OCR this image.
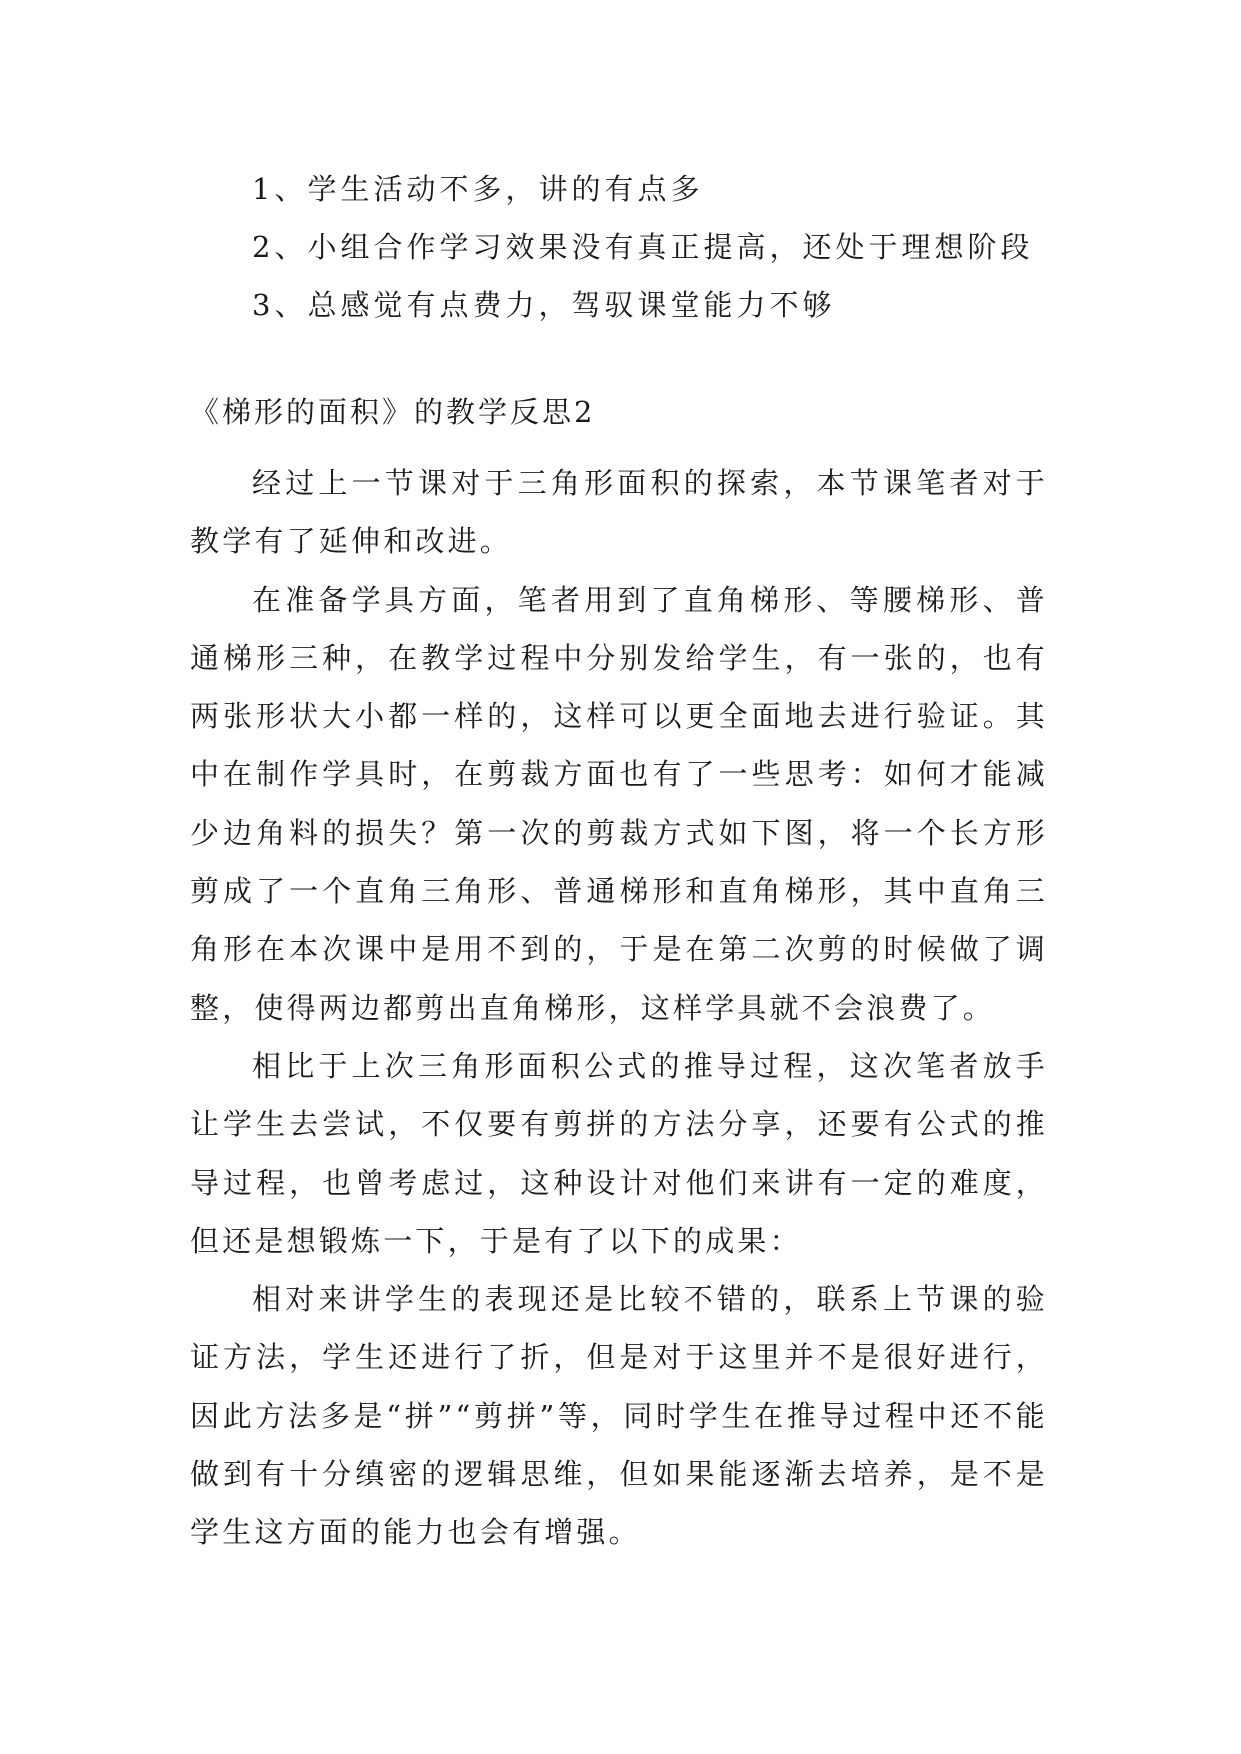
1、学生活动不多，讲的有点多
2、小组合作学习效果没有真正提高，还处于理想阶段
3、总感觉有点费力，驾驭课堂能力不够
《梯形的面积》的教学反思2

经过上一节课对于三角形面积的探索，本节课笔者对于教学有了延伸和改进。

在准备学具方面，笔者用到了直角梯形、等腰梯形、普通梯形三种，在教学过程中分别发给学生，有一张的，也有两张形状大小都一样的，这样可以更全面地去进行验证。其中在制作学具时，在剪裁方面也有了一些思考：如何才能减少边角料的损失？第一次的剪裁方式如下图，将一个长方形剪成了一个直角三角形、普通梯形和直角梯形，其中直角三角形在本次课中是用不到的，于是在第二次剪的时候做了调整，使得两边都剪出直角梯形，这样学具就不会浪费了。

相比于上次三角形面积公式的推导过程，这次笔者放手让学生去尝试，不仅要有剪拼的方法分享，还要有公式的推导过程，也曾考虑过，这种设计对他们来讲有一定的难度，但还是想锻炼一下，于是有了以下的成果：

相对来讲学生的表现还是比较不错的，联系上节课的验证方法，学生还进行了折，但是对于这里并不是很好进行，因此方法多是“拼”“剪拼”等，同时学生在推导过程中还不能做到有十分缜密的逻辑思维，但如果能逐渐去培养，是不是学生这方面的能力也会有增强。
